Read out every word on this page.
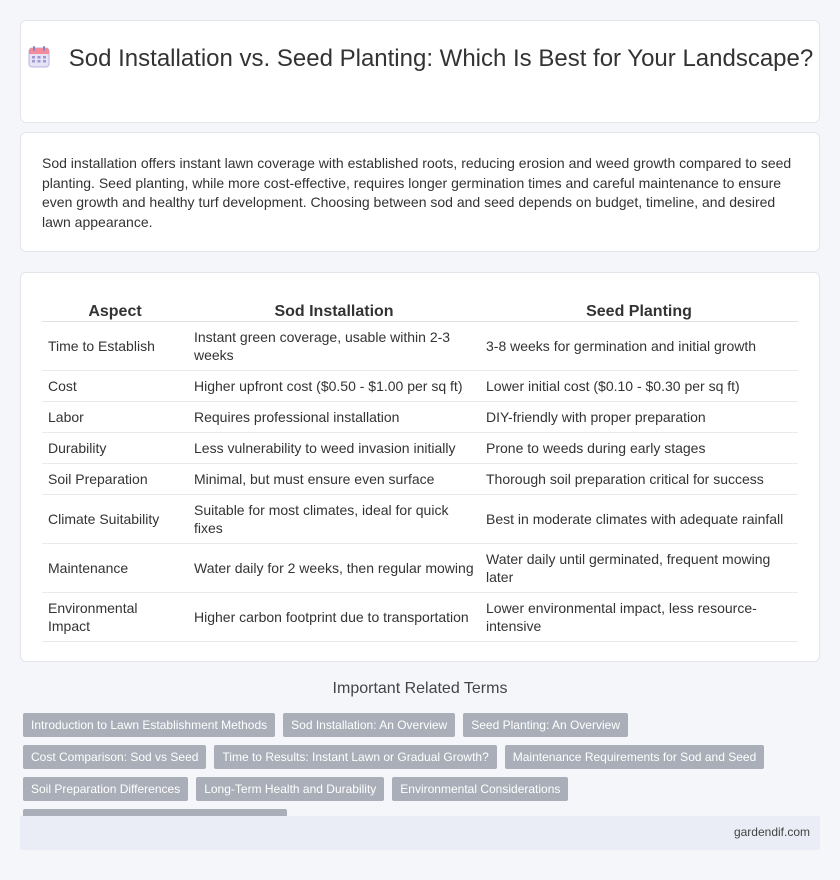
Sod Installation vs. Seed Planting: Which Is Best for Your Landscape?
Sod installation offers instant lawn coverage with established roots, reducing erosion and weed growth compared to seed planting. Seed planting, while more cost-effective, requires longer germination times and careful maintenance to ensure even growth and healthy turf development. Choosing between sod and seed depends on budget, timeline, and desired lawn appearance.
Aspect	Sod Installation	Seed Planting
Time to Establish	Instant green coverage, usable within 2-3 weeks	3-8 weeks for germination and initial growth
Cost	Higher upfront cost ($0.50 - $1.00 per sq ft)	Lower initial cost ($0.10 - $0.30 per sq ft)
Labor	Requires professional installation	DIY-friendly with proper preparation
Durability	Less vulnerability to weed invasion initially	Prone to weeds during early stages
Soil Preparation	Minimal, but must ensure even surface	Thorough soil preparation critical for success
Climate Suitability	Suitable for most climates, ideal for quick fixes	Best in moderate climates with adequate rainfall
Maintenance	Water daily for 2 weeks, then regular mowing	Water daily until germinated, frequent mowing later
Environmental Impact	Higher carbon footprint due to transportation	Lower environmental impact, less resource-intensive
Important Related Terms
Introduction to Lawn Establishment Methods	Sod Installation: An Overview	Seed Planting: An Overview
Cost Comparison: Sod vs Seed	Time to Results: Instant Lawn or Gradual Growth?	Maintenance Requirements for Sod and Seed
Soil Preparation Differences	Long-Term Health and Durability	Environmental Considerations
gardendif.com
